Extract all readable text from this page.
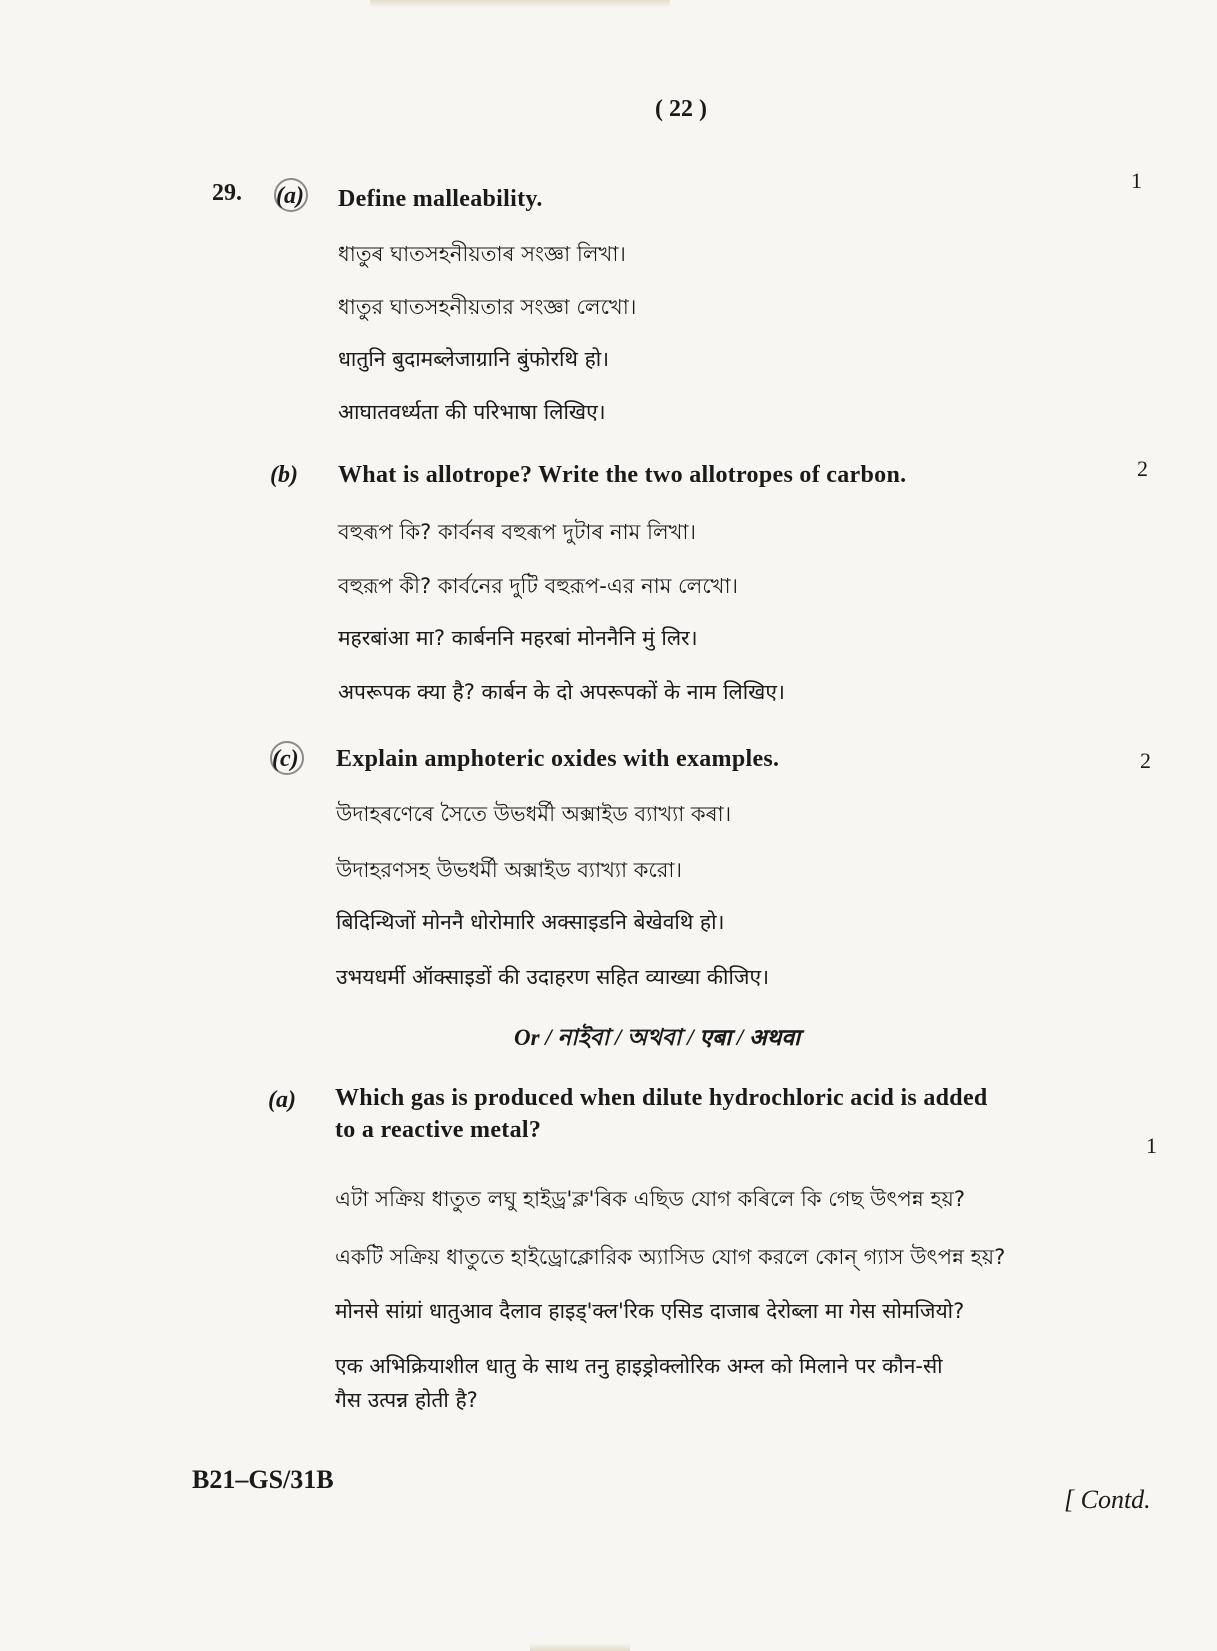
( 22 )
29. (a) Define malleability.
1
ধাতুৰ ঘাতসহনীয়তাৰ সংজ্ঞা লিখা।
ধাতুর ঘাতসহনীয়তার সংজ্ঞা লেখো।
धातुनि बुदामब्लेजाग्रानि बुंफोरथि हो।
आघातवर्ध्यता की परिभाषा लिखिए।
(b) What is allotrope? Write the two allotropes of carbon.	2
বহুৰূপ কি? কাৰ্বনৰ বহুৰূপ দুটাৰ নাম লিখা।
বহুরূপ কী? কার্বনের দুটি বহুরূপ-এর নাম লেখো।
महरबांआ मा? कार्बननि महरबां मोननैनि मुं लिर।
अपरूपक क्या है? कार्बन के दो अपरूपकों के नाम लिखिए।
(c) Explain amphoteric oxides with examples.	2
উদাহৰণেৰে সৈতে উভধৰ্মী অক্সাইড ব্যাখ্যা কৰা।
উদাহরণসহ উভধর্মী অক্সাইড ব্যাখ্যা করো।
बिदिन्थिजों मोननै धोरोमारि अक्साइडनि बेखेवथि हो।
उभयधर्मी ऑक्साइडों की उदाहरण सहित व्याख्या कीजिए।
Or / নাইবা / অথবা / एबा / अथवा
(a) Which gas is produced when dilute hydrochloric acid is added
to a reactive metal?
1
এটা সক্ৰিয় ধাতুত লঘু হাইড্ৰ'ক্ল'ৰিক এছিড যোগ কৰিলে কি গেছ উৎপন্ন হয়?
একটি সক্রিয় ধাতুতে হাইড্রোক্লোরিক অ্যাসিড যোগ করলে কোন্ গ্যাস উৎপন্ন হয়?
मोनसे सांग्रां धातुआव दैलाव हाइड्'क्ल'रिक एसिड दाजाब देरोब्ला मा गेस सोमजियो?
एक अभिक्रियाशील धातु के साथ तनु हाइड्रोक्लोरिक अम्ल को मिलाने पर कौन-सी
गैस उत्पन्न होती है?
B21–GS/31B
[ Contd.
